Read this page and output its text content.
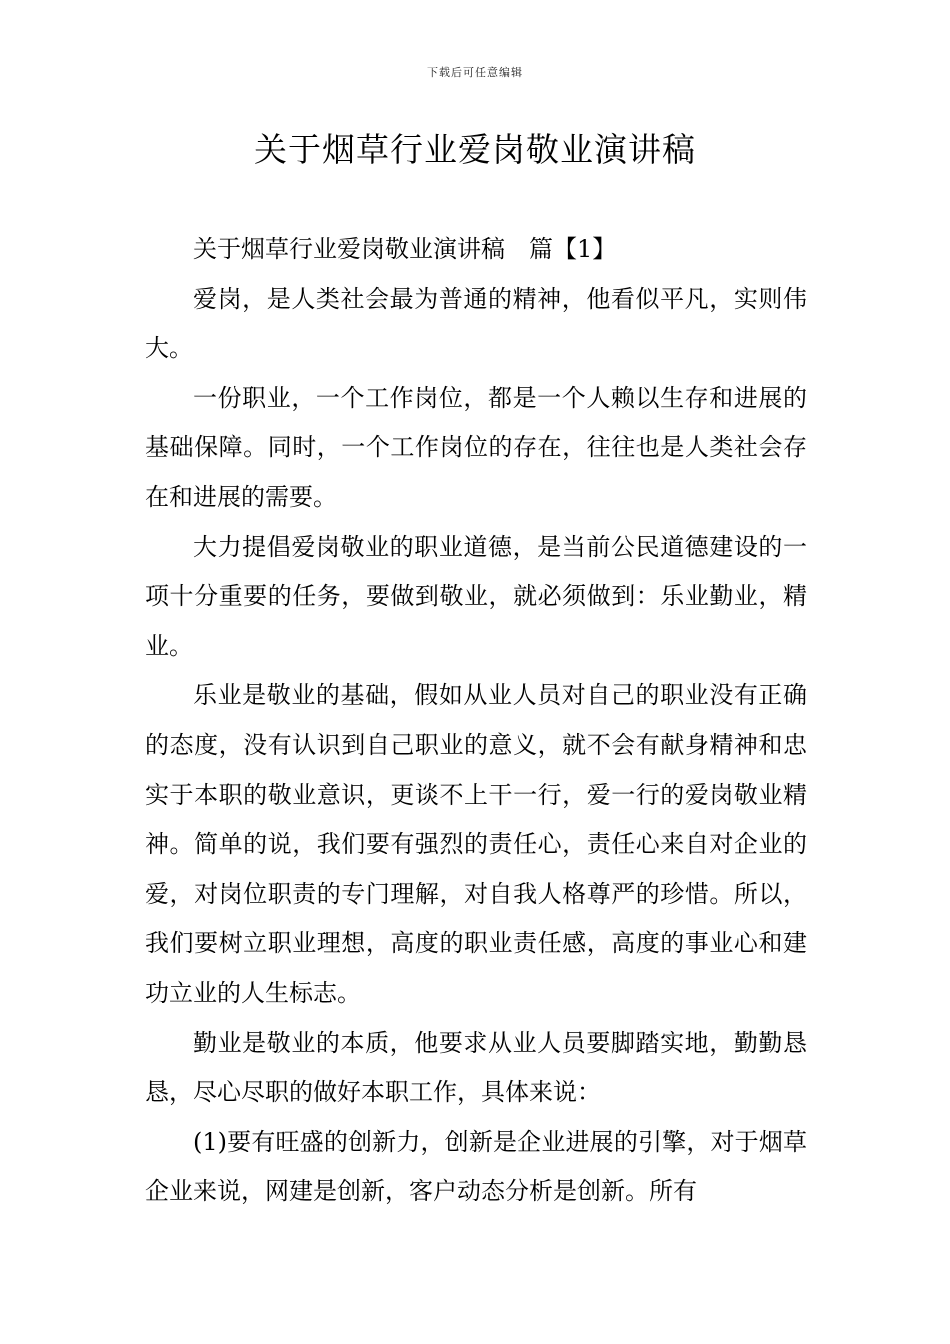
下载后可任意编辑
关于烟草行业爱岗敬业演讲稿

关于烟草行业爱岗敬业演讲稿　篇【1】

爱岗，是人类社会最为普通的精神，他看似平凡，实则伟大。

一份职业，一个工作岗位，都是一个人赖以生存和进展的基础保障。同时，一个工作岗位的存在，往往也是人类社会存在和进展的需要。

大力提倡爱岗敬业的职业道德，是当前公民道德建设的一项十分重要的任务，要做到敬业，就必须做到：乐业勤业，精业。

乐业是敬业的基础，假如从业人员对自己的职业没有正确的态度，没有认识到自己职业的意义，就不会有献身精神和忠实于本职的敬业意识，更谈不上干一行，爱一行的爱岗敬业精神。简单的说，我们要有强烈的责任心，责任心来自对企业的爱，对岗位职责的专门理解，对自我人格尊严的珍惜。所以，我们要树立职业理想，高度的职业责任感，高度的事业心和建功立业的人生标志。

勤业是敬业的本质，他要求从业人员要脚踏实地，勤勤恳恳，尽心尽职的做好本职工作，具体来说：

(1)要有旺盛的创新力，创新是企业进展的引擎，对于烟草企业来说，网建是创新，客户动态分析是创新。所有
